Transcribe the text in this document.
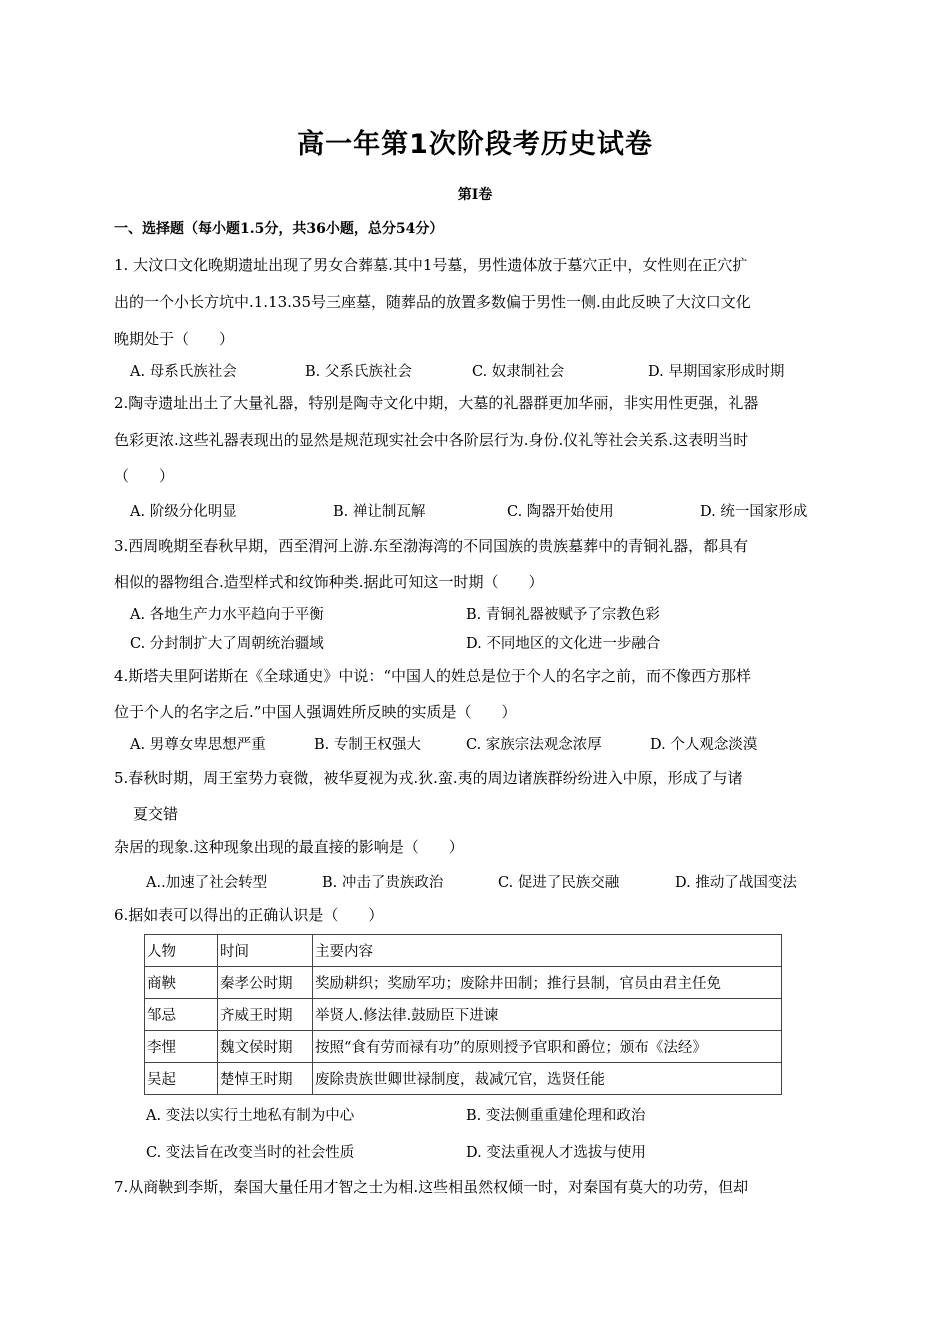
高一年第1次阶段考历史试卷
第I卷
一、选择题（每小题1.5分，共36小题，总分54分）
1. 大汶口文化晚期遗址出现了男女合葬墓.其中1号墓，男性遗体放于墓穴正中，女性则在正穴扩
出的一个小长方坑中.1.13.35号三座墓，随葬品的放置多数偏于男性一侧.由此反映了大汶口文化
晚期处于（　　）
A. 母系氏族社会	B. 父系氏族社会	C. 奴隶制社会	D. 早期国家形成时期
2.陶寺遗址出土了大量礼器，特别是陶寺文化中期，大墓的礼器群更加华丽，非实用性更强，礼器
色彩更浓.这些礼器表现出的显然是规范现实社会中各阶层行为.身份.仪礼等社会关系.这表明当时
（　　）
A. 阶级分化明显	B. 禅让制瓦解	C. 陶器开始使用	D. 统一国家形成
3.西周晚期至春秋早期，西至渭河上游.东至渤海湾的不同国族的贵族墓葬中的青铜礼器，都具有
相似的器物组合.造型样式和纹饰种类.据此可知这一时期（　　）
A. 各地生产力水平趋向于平衡	B. 青铜礼器被赋予了宗教色彩
C. 分封制扩大了周朝统治疆域	D. 不同地区的文化进一步融合
4.斯塔夫里阿诺斯在《全球通史》中说：“中国人的姓总是位于个人的名字之前，而不像西方那样
位于个人的名字之后.”中国人强调姓所反映的实质是（　　）
A. 男尊女卑思想严重	B. 专制王权强大	C. 家族宗法观念浓厚	D. 个人观念淡漠
5.春秋时期，周王室势力衰微，被华夏视为戎.狄.蛮.夷的周边诸族群纷纷进入中原，形成了与诸
夏交错
杂居的现象.这种现象出现的最直接的影响是（　　）
A..加速了社会转型	B. 冲击了贵族政治	C. 促进了民族交融	D. 推动了战国变法
6.据如表可以得出的正确认识是（　　）
人物	时间	主要内容
商鞅	秦孝公时期	奖励耕织；奖励军功；废除井田制；推行县制，官员由君主任免
邹忌	齐威王时期	举贤人.修法律.鼓励臣下进谏
李悝	魏文侯时期	按照“食有劳而禄有功”的原则授予官职和爵位；颁布《法经》
吴起	楚悼王时期	废除贵族世卿世禄制度，裁减冗官，选贤任能
A. 变法以实行土地私有制为中心	B. 变法侧重重建伦理和政治
C. 变法旨在改变当时的社会性质	D. 变法重视人才选拔与使用
7.从商鞅到李斯，秦国大量任用才智之士为相.这些相虽然权倾一时，对秦国有莫大的功劳，但却
